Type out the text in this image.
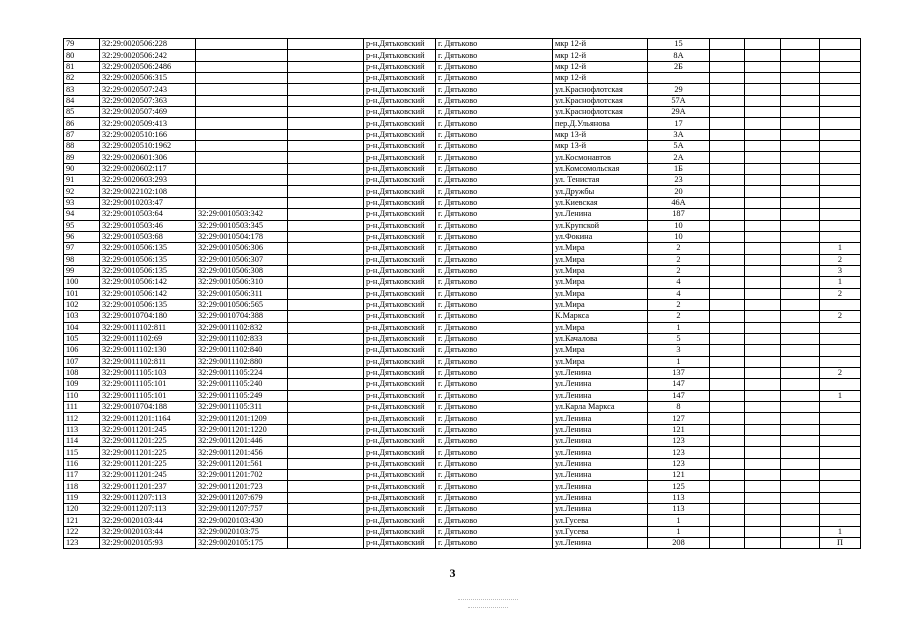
79	32:29:0020506:228			р-н.Дятьковский	г. Дятьково	мкр 12-й	15				
80	32:29:0020506:242			р-н.Дятьковский	г. Дятьково	мкр 12-й	8А				
81	32:29:0020506:2486			р-н.Дятьковский	г. Дятьково	мкр 12-й	2Б				
82	32:29:0020506:315			р-н.Дятьковский	г. Дятьково	мкр 12-й					
83	32:29:0020507:243			р-н.Дятьковский	г. Дятьково	ул.Краснофлотская	29				
84	32:29:0020507:363			р-н.Дятьковский	г. Дятьково	ул.Краснофлотская	57А				
85	32:29:0020507:469			р-н.Дятьковский	г. Дятьково	ул.Краснофлотская	29А				
86	32:29:0020509:413			р-н.Дятьковский	г. Дятьково	пер.Д.Ульянова	17				
87	32:29:0020510:166			р-н.Дятьковский	г. Дятьково	мкр 13-й	3А				
88	32:29:0020510:1962			р-н.Дятьковский	г. Дятьково	мкр 13-й	5А				
89	32:29:0020601:306			р-н.Дятьковский	г. Дятьково	ул.Космонавтов	2А				
90	32:29:0020602:117			р-н.Дятьковский	г. Дятьково	ул.Комсомольская	1Б				
91	32:29:0020603:293			р-н.Дятьковский	г. Дятьково	ул. Тенистая	23				
92	32:29:0022102:108			р-н.Дятьковский	г. Дятьково	ул.Дружбы	20				
93	32:29:0010203:47			р-н.Дятьковский	г. Дятьково	ул.Киевская	46А				
94	32:29:0010503:64	32:29:0010503:342		р-н.Дятьковский	г. Дятьково	ул.Ленина	187				
95	32:29:0010503:46	32:29:0010503:345		р-н.Дятьковский	г. Дятьково	ул.Крупской	10				
96	32:29:0010503:68	32:29:0010504:178		р-н.Дятьковский	г. Дятьково	ул.Фокина	10				
97	32:29:0010506:135	32:29:0010506:306		р-н.Дятьковский	г. Дятьково	ул.Мира	2				1
98	32:29:0010506:135	32:29:0010506:307		р-н.Дятьковский	г. Дятьково	ул.Мира	2				2
99	32:29:0010506:135	32:29:0010506:308		р-н.Дятьковский	г. Дятьково	ул.Мира	2				3
100	32:29:0010506:142	32:29:0010506:310		р-н.Дятьковский	г. Дятьково	ул.Мира	4				1
101	32:29:0010506:142	32:29:0010506:311		р-н.Дятьковский	г. Дятьково	ул.Мира	4				2
102	32:29:0010506:135	32:29:0010506:565		р-н.Дятьковский	г. Дятьково	ул.Мира	2				
103	32:29:0010704:180	32:29:0010704:388		р-н.Дятьковский	г. Дятьково	К.Маркса	2				2
104	32:29:0011102:811	32:29:0011102:832		р-н.Дятьковский	г. Дятьково	ул.Мира	1				
105	32:29:0011102:69	32:29:0011102:833		р-н.Дятьковский	г. Дятьково	ул.Качалова	5				
106	32:29:0011102:130	32:29:0011102:840		р-н.Дятьковский	г. Дятьково	ул.Мира	3				
107	32:29:0011102:811	32:29:0011102:880		р-н.Дятьковский	г. Дятьково	ул.Мира	1				
108	32:29:0011105:103	32:29:0011105:224		р-н.Дятьковский	г. Дятьково	ул.Ленина	137				2
109	32:29:0011105:101	32:29:0011105:240		р-н.Дятьковский	г. Дятьково	ул.Ленина	147				
110	32:29:0011105:101	32:29:0011105:249		р-н.Дятьковский	г. Дятьково	ул.Ленина	147				1
111	32:29:0010704:188	32:29:0011105:311		р-н.Дятьковский	г. Дятьково	ул.Карла Маркса	8				
112	32:29:0011201:1164	32:29:0011201:1209		р-н.Дятьковский	г. Дятьково	ул.Ленина	127				
113	32:29:0011201:245	32:29:0011201:1220		р-н.Дятьковский	г. Дятьково	ул.Ленина	121				
114	32:29:0011201:225	32:29:0011201:446		р-н.Дятьковский	г. Дятьково	ул.Ленина	123				
115	32:29:0011201:225	32:29:0011201:456		р-н.Дятьковский	г. Дятьково	ул.Ленина	123				
116	32:29:0011201:225	32:29:0011201:561		р-н.Дятьковский	г. Дятьково	ул.Ленина	123				
117	32:29:0011201:245	32:29:0011201:702		р-н.Дятьковский	г. Дятьково	ул.Ленина	121				
118	32:29:0011201:237	32:29:0011201:723		р-н.Дятьковский	г. Дятьково	ул.Ленина	125				
119	32:29:0011207:113	32:29:0011207:679		р-н.Дятьковский	г. Дятьково	ул.Ленина	113				
120	32:29:0011207:113	32:29:0011207:757		р-н.Дятьковский	г. Дятьково	ул.Ленина	113				
121	32:29:0020103:44	32:29:0020103:430		р-н.Дятьковский	г. Дятьково	ул.Гусева	1				
122	32:29:0020103:44	32:29:0020103:75		р-н.Дятьковский	г. Дятьково	ул.Гусева	1				1
123	32:29:0020105:93	32:29:0020105:175		р-н.Дятьковский	г. Дятьково	ул.Ленина	208				П
3
